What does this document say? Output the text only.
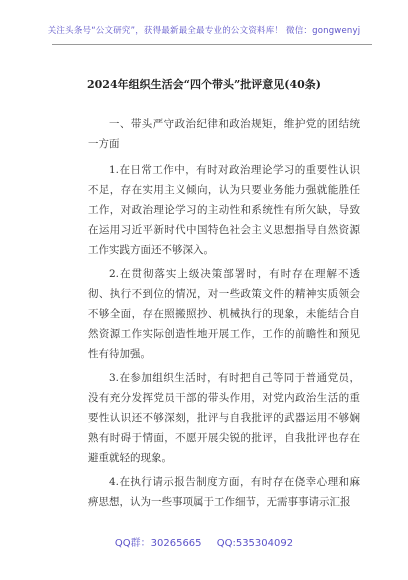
关注头条号“公文研究”，获得最新最全最专业的公文资料库！ 微信：gongwenyj
2024年组织生活会“四个带头”批评意见(40条)

一、带头严守政治纪律和政治规矩，维护党的团结统一方面

1.在日常工作中，有时对政治理论学习的重要性认识不足，存在实用主义倾向，认为只要业务能力强就能胜任工作，对政治理论学习的主动性和系统性有所欠缺，导致在运用习近平新时代中国特色社会主义思想指导自然资源工作实践方面还不够深入。

2.在贯彻落实上级决策部署时，有时存在理解不透彻、执行不到位的情况，对一些政策文件的精神实质领会不够全面，存在照搬照抄、机械执行的现象，未能结合自然资源工作实际创造性地开展工作，工作的前瞻性和预见性有待加强。

3.在参加组织生活时，有时把自己等同于普通党员，没有充分发挥党员干部的带头作用，对党内政治生活的重要性认识还不够深刻，批评与自我批评的武器运用不够娴熟有时碍于情面，不愿开展尖锐的批评，自我批评也存在避重就轻的现象。

4.在执行请示报告制度方面，有时存在侥幸心理和麻痹思想，认为一些事项属于工作细节，无需事事请示汇报

QQ群：30265665 QQ:535304092
